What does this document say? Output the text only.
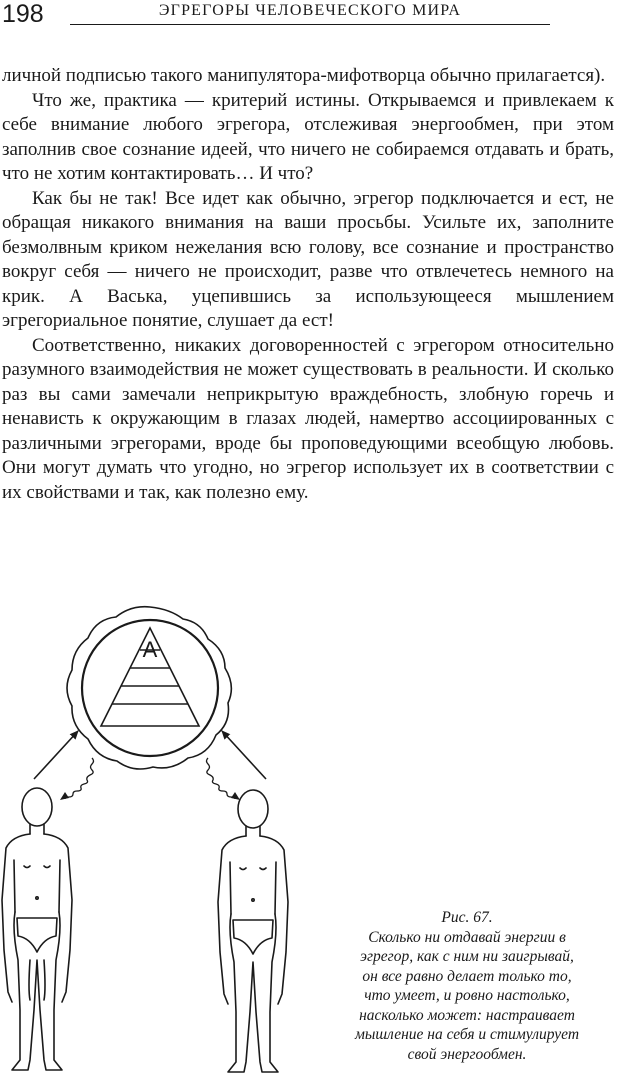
198	ЭГРЕГОРЫ ЧЕЛОВЕЧЕСКОГО МИРА

личной подписью такого манипулятора-мифотворца обычно прилагается).

Что же, практика — критерий истины. Открываемся и привлекаем к себе внимание любого эгрегора, отслеживая энергообмен, при этом заполнив свое сознание идеей, что ничего не собираемся отдавать и брать, что не хотим контактировать… И что?

Как бы не так! Все идет как обычно, эгрегор подключается и ест, не обращая никакого внимания на ваши просьбы. Усильте их, заполните безмолвным криком нежелания всю голову, все сознание и пространство вокруг себя — ничего не происходит, разве что отвлечетесь немного на крик. А Васька, уцепившись за использующееся мышлением эгрегориальное понятие, слушает да ест!

Соответственно, никаких договоренностей с эгрегором относительно разумного взаимодействия не может существовать в реальности. И сколько раз вы сами замечали неприкрытую враждебность, злобную горечь и ненависть к окружающим в глазах людей, намертво ассоциированных с различными эгрегорами, вроде бы проповедующими всеобщую любовь. Они могут думать что угодно, но эгрегор использует их в соответствии с их свойствами и так, как полезно ему.

A
Рис. 67.
Сколько ни отдавай энергии в
эгрегор, как с ним ни заигрывай,
он все равно делает только то,
что умеет, и ровно настолько,
насколько может: настраивает
мышление на себя и стимулирует
свой энергообмен.
